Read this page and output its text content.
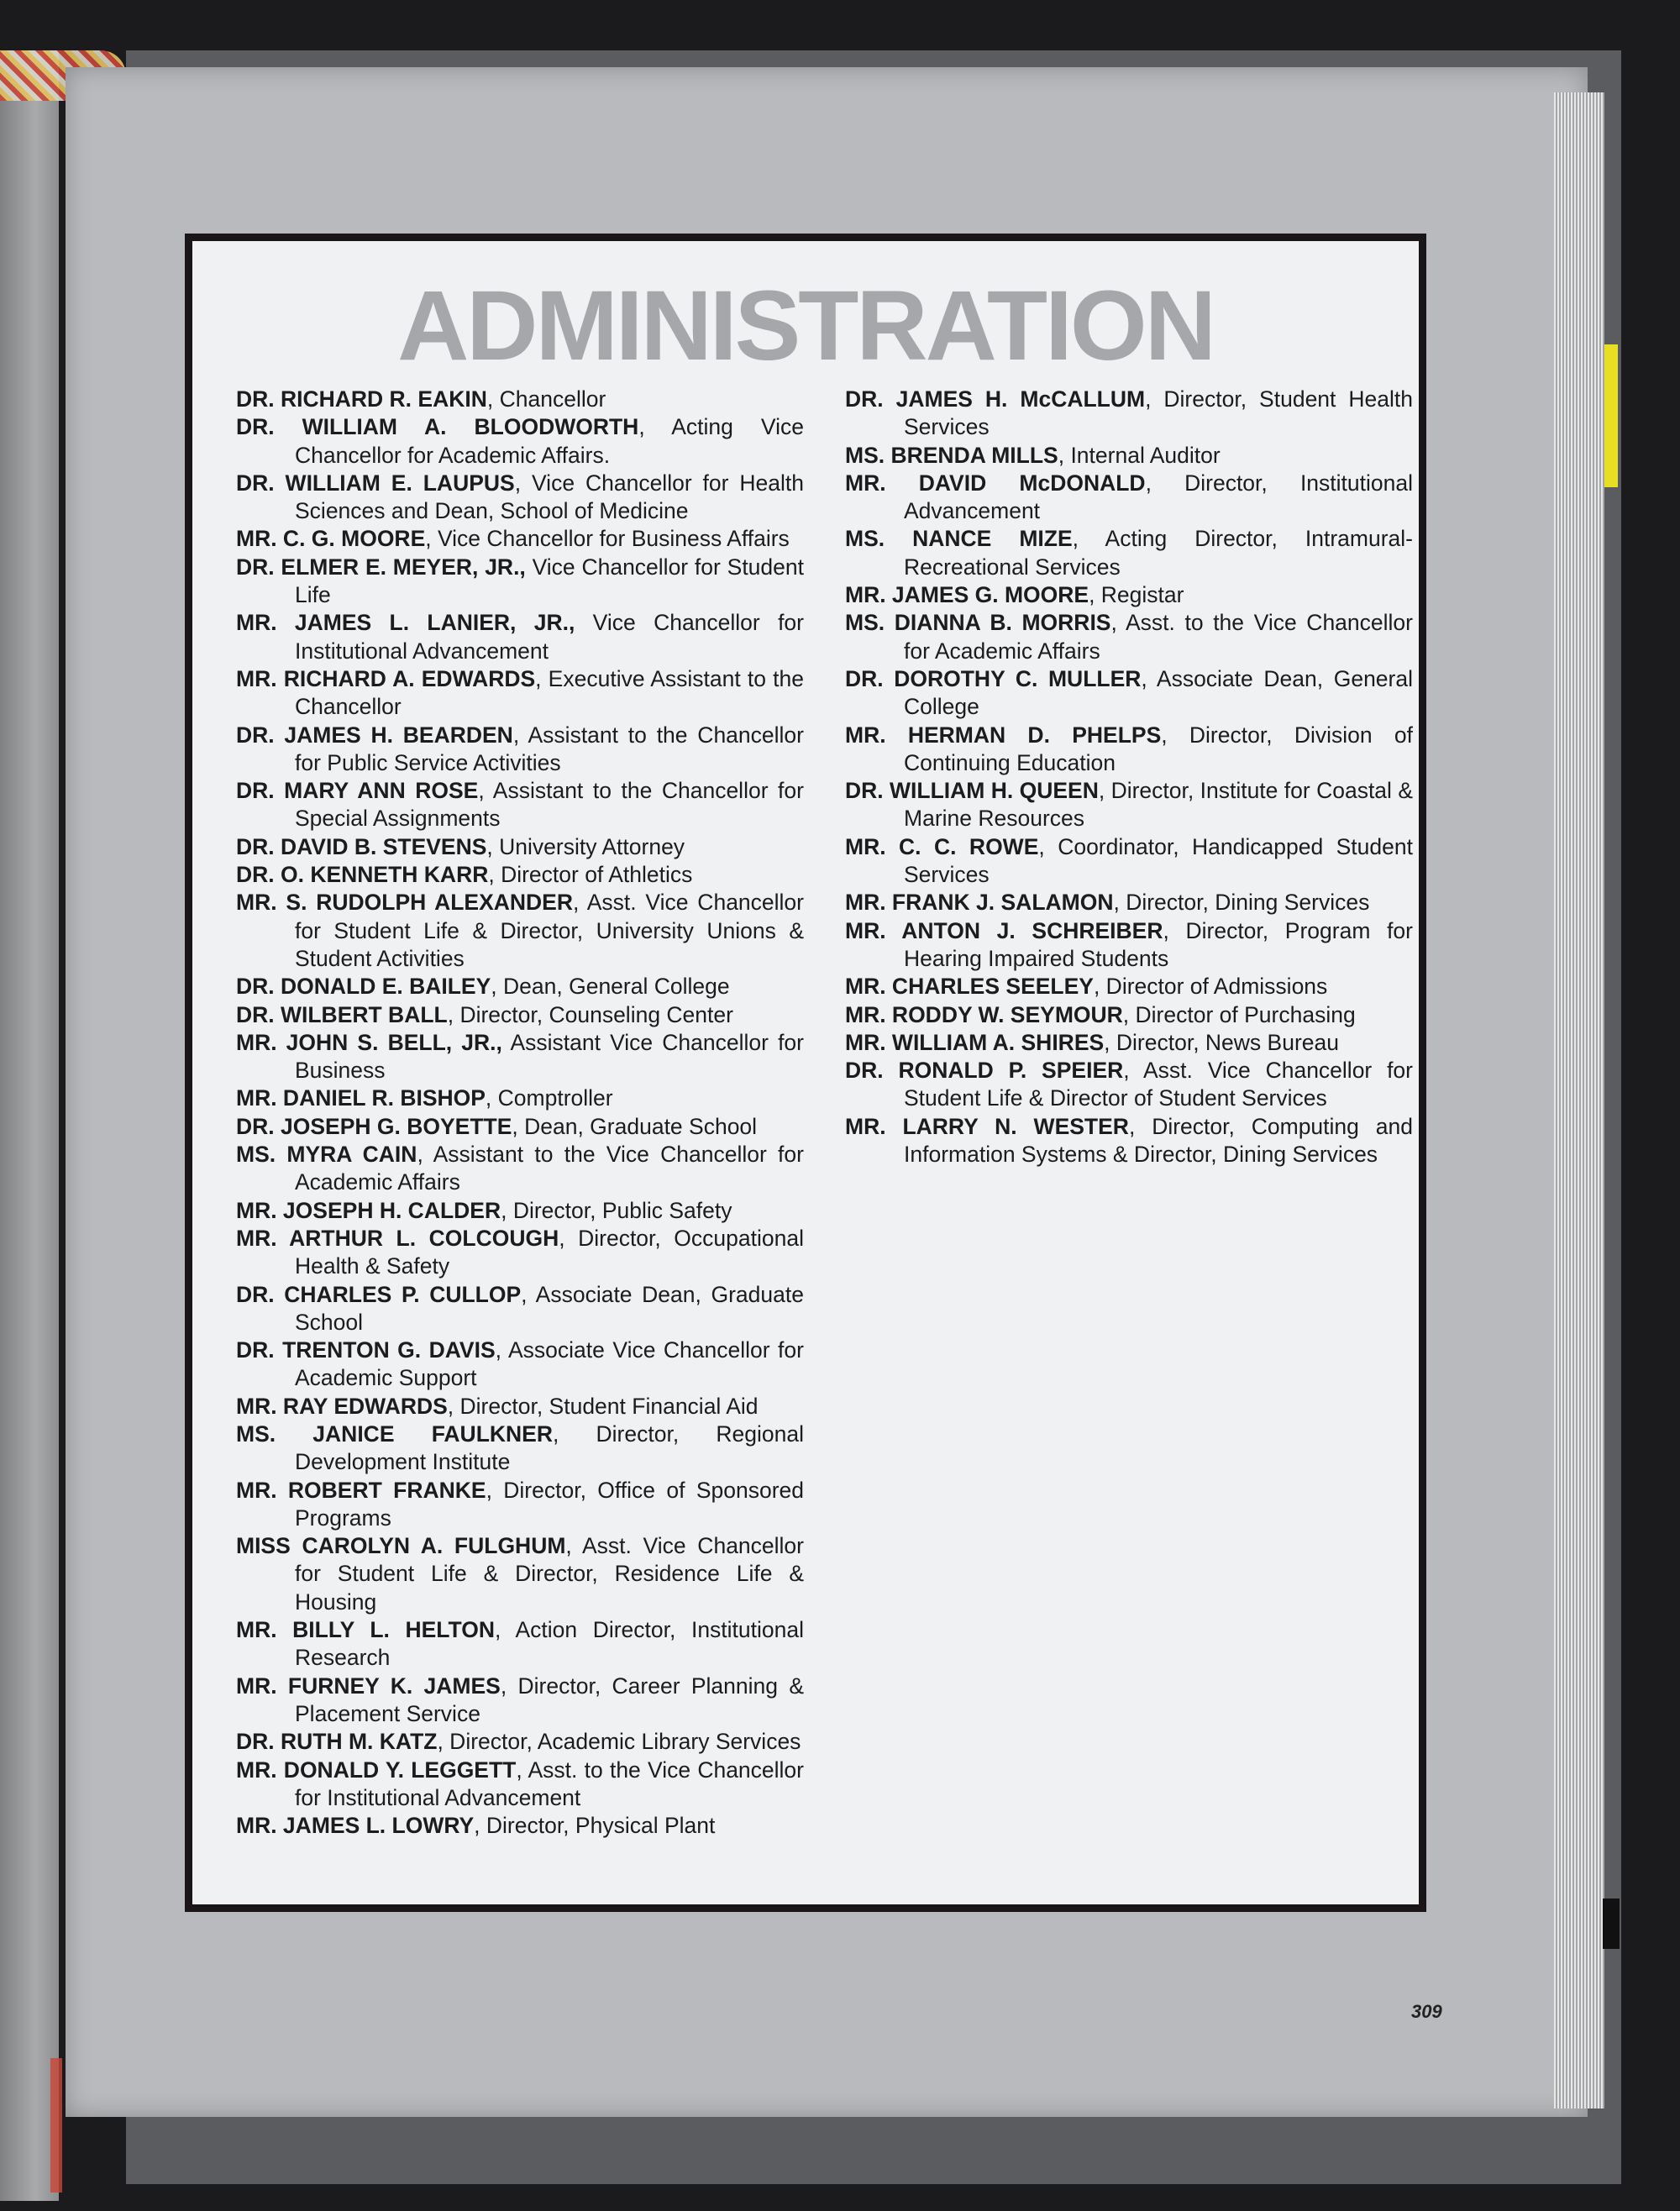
ADMINISTRATION
DR. RICHARD R. EAKIN, Chancellor
DR. WILLIAM A. BLOODWORTH, Acting Vice Chancellor for Academic Affairs.
DR. WILLIAM E. LAUPUS, Vice Chancellor for Health Sciences and Dean, School of Medicine
MR. C. G. MOORE, Vice Chancellor for Business Affairs
DR. ELMER E. MEYER, JR., Vice Chancellor for Student Life
MR. JAMES L. LANIER, JR., Vice Chancellor for Institutional Advancement
MR. RICHARD A. EDWARDS, Executive Assistant to the Chancellor
DR. JAMES H. BEARDEN, Assistant to the Chancellor for Public Service Activities
DR. MARY ANN ROSE, Assistant to the Chancellor for Special Assignments
DR. DAVID B. STEVENS, University Attorney
DR. O. KENNETH KARR, Director of Athletics
MR. S. RUDOLPH ALEXANDER, Asst. Vice Chancellor for Student Life & Director, University Unions & Student Activities
DR. DONALD E. BAILEY, Dean, General College
DR. WILBERT BALL, Director, Counseling Center
MR. JOHN S. BELL, JR., Assistant Vice Chancellor for Business
MR. DANIEL R. BISHOP, Comptroller
DR. JOSEPH G. BOYETTE, Dean, Graduate School
MS. MYRA CAIN, Assistant to the Vice Chancellor for Academic Affairs
MR. JOSEPH H. CALDER, Director, Public Safety
MR. ARTHUR L. COLCOUGH, Director, Occupational Health & Safety
DR. CHARLES P. CULLOP, Associate Dean, Graduate School
DR. TRENTON G. DAVIS, Associate Vice Chancellor for Academic Support
MR. RAY EDWARDS, Director, Student Financial Aid
MS. JANICE FAULKNER, Director, Regional Development Institute
MR. ROBERT FRANKE, Director, Office of Sponsored Programs
MISS CAROLYN A. FULGHUM, Asst. Vice Chancellor for Student Life & Director, Residence Life & Housing
MR. BILLY L. HELTON, Action Director, Institutional Research
MR. FURNEY K. JAMES, Director, Career Planning & Placement Service
DR. RUTH M. KATZ, Director, Academic Library Services
MR. DONALD Y. LEGGETT, Asst. to the Vice Chancellor for Institutional Advancement
MR. JAMES L. LOWRY, Director, Physical Plant
DR. JAMES H. McCALLUM, Director, Student Health Services
MS. BRENDA MILLS, Internal Auditor
MR. DAVID McDONALD, Director, Institutional Advancement
MS. NANCE MIZE, Acting Director, Intramural-Recreational Services
MR. JAMES G. MOORE, Registar
MS. DIANNA B. MORRIS, Asst. to the Vice Chancellor for Academic Affairs
DR. DOROTHY C. MULLER, Associate Dean, General College
MR. HERMAN D. PHELPS, Director, Division of Continuing Education
DR. WILLIAM H. QUEEN, Director, Institute for Coastal & Marine Resources
MR. C. C. ROWE, Coordinator, Handicapped Student Services
MR. FRANK J. SALAMON, Director, Dining Services
MR. ANTON J. SCHREIBER, Director, Program for Hearing Impaired Students
MR. CHARLES SEELEY, Director of Admissions
MR. RODDY W. SEYMOUR, Director of Purchasing
MR. WILLIAM A. SHIRES, Director, News Bureau
DR. RONALD P. SPEIER, Asst. Vice Chancellor for Student Life & Director of Student Services
MR. LARRY N. WESTER, Director, Computing and Information Systems & Director, Dining Services
309
